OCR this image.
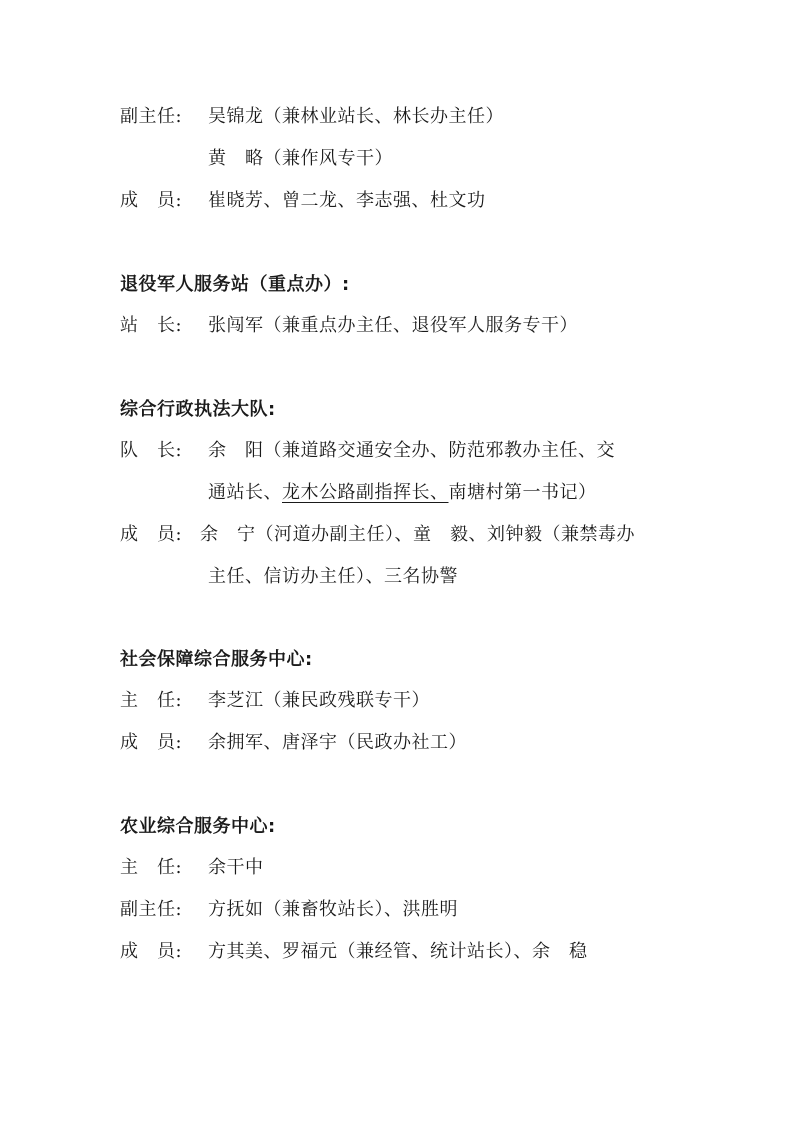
副主任: 吴锦龙（兼林业站长、林长办主任）
黄　略（兼作风专干）
成　员: 崔晓芳、曾二龙、李志强、杜文功
退役军人服务站（重点办）:
站　长: 张闯军（兼重点办主任、退役军人服务专干）
综合行政执法大队:
队　长: 余　阳（兼道路交通安全办、防范邪教办主任、交
通站长、龙木公路副指挥长、南塘村第一书记）
成　员: 余　宁（河道办副主任）、童　毅、刘钟毅（兼禁毒办
主任、信访办主任）、三名协警
社会保障综合服务中心:
主　任: 李芝江（兼民政残联专干）
成　员: 余拥军、唐泽宇（民政办社工）
农业综合服务中心:
主　任: 余干中
副主任: 方抚如（兼畜牧站长）、洪胜明
成　员: 方其美、罗福元（兼经管、统计站长）、余　稳
